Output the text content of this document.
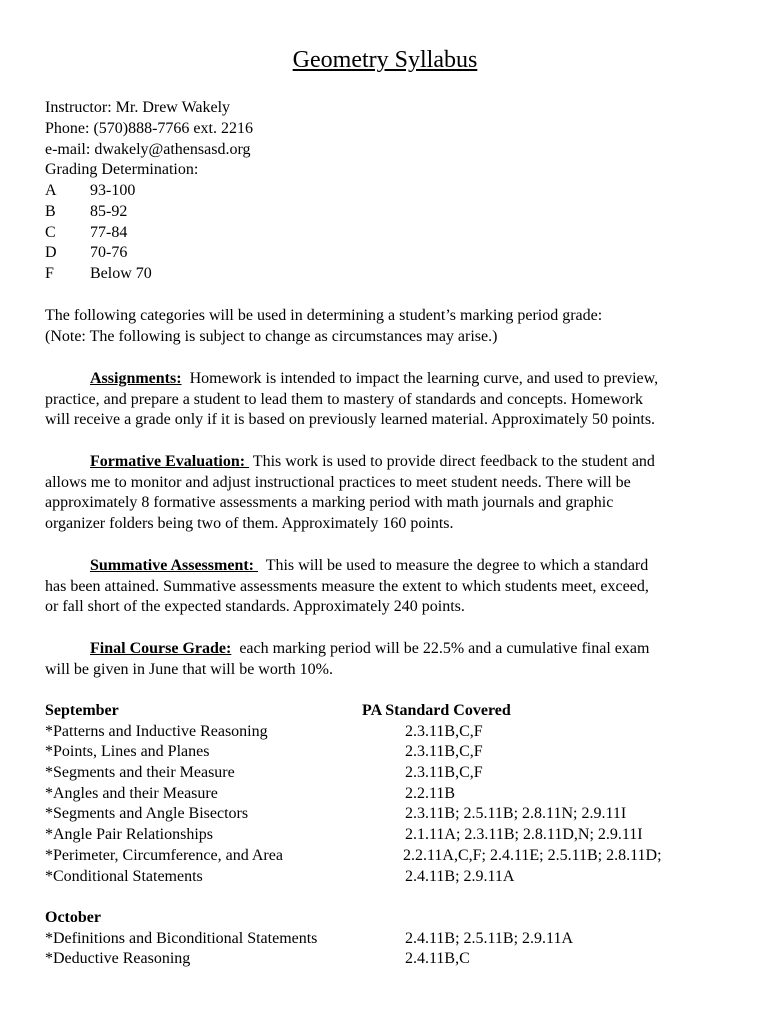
Geometry Syllabus
Instructor: Mr. Drew Wakely
Phone: (570)888-7766 ext. 2216
e-mail: dwakely@athensasd.org
Grading Determination:
A 93-100
B 85-92
C 77-84
D 70-76
F Below 70
The following categories will be used in determining a student’s marking period grade:
(Note: The following is subject to change as circumstances may arise.)
Assignments:  Homework is intended to impact the learning curve, and used to preview,
practice, and prepare a student to lead them to mastery of standards and concepts. Homework
will receive a grade only if it is based on previously learned material. Approximately 50 points.
Formative Evaluation:  This work is used to provide direct feedback to the student and
allows me to monitor and adjust instructional practices to meet student needs. There will be
approximately 8 formative assessments a marking period with math journals and graphic
organizer folders being two of them. Approximately 160 points.
Summative Assessment:   This will be used to measure the degree to which a standard
has been attained. Summative assessments measure the extent to which students meet, exceed,
or fall short of the expected standards. Approximately 240 points.
Final Course Grade:  each marking period will be 22.5% and a cumulative final exam
will be given in June that will be worth 10%.
September	PA Standard Covered
*Patterns and Inductive Reasoning	2.3.11B,C,F
*Points, Lines and Planes	2.3.11B,C,F
*Segments and their Measure	2.3.11B,C,F
*Angles and their Measure	2.2.11B
*Segments and Angle Bisectors	2.3.11B; 2.5.11B; 2.8.11N; 2.9.11I
*Angle Pair Relationships	2.1.11A; 2.3.11B; 2.8.11D,N; 2.9.11I
*Perimeter, Circumference, and Area	2.2.11A,C,F; 2.4.11E; 2.5.11B; 2.8.11D;
*Conditional Statements	2.4.11B; 2.9.11A
October
*Definitions and Biconditional Statements	2.4.11B; 2.5.11B; 2.9.11A
*Deductive Reasoning	2.4.11B,C
